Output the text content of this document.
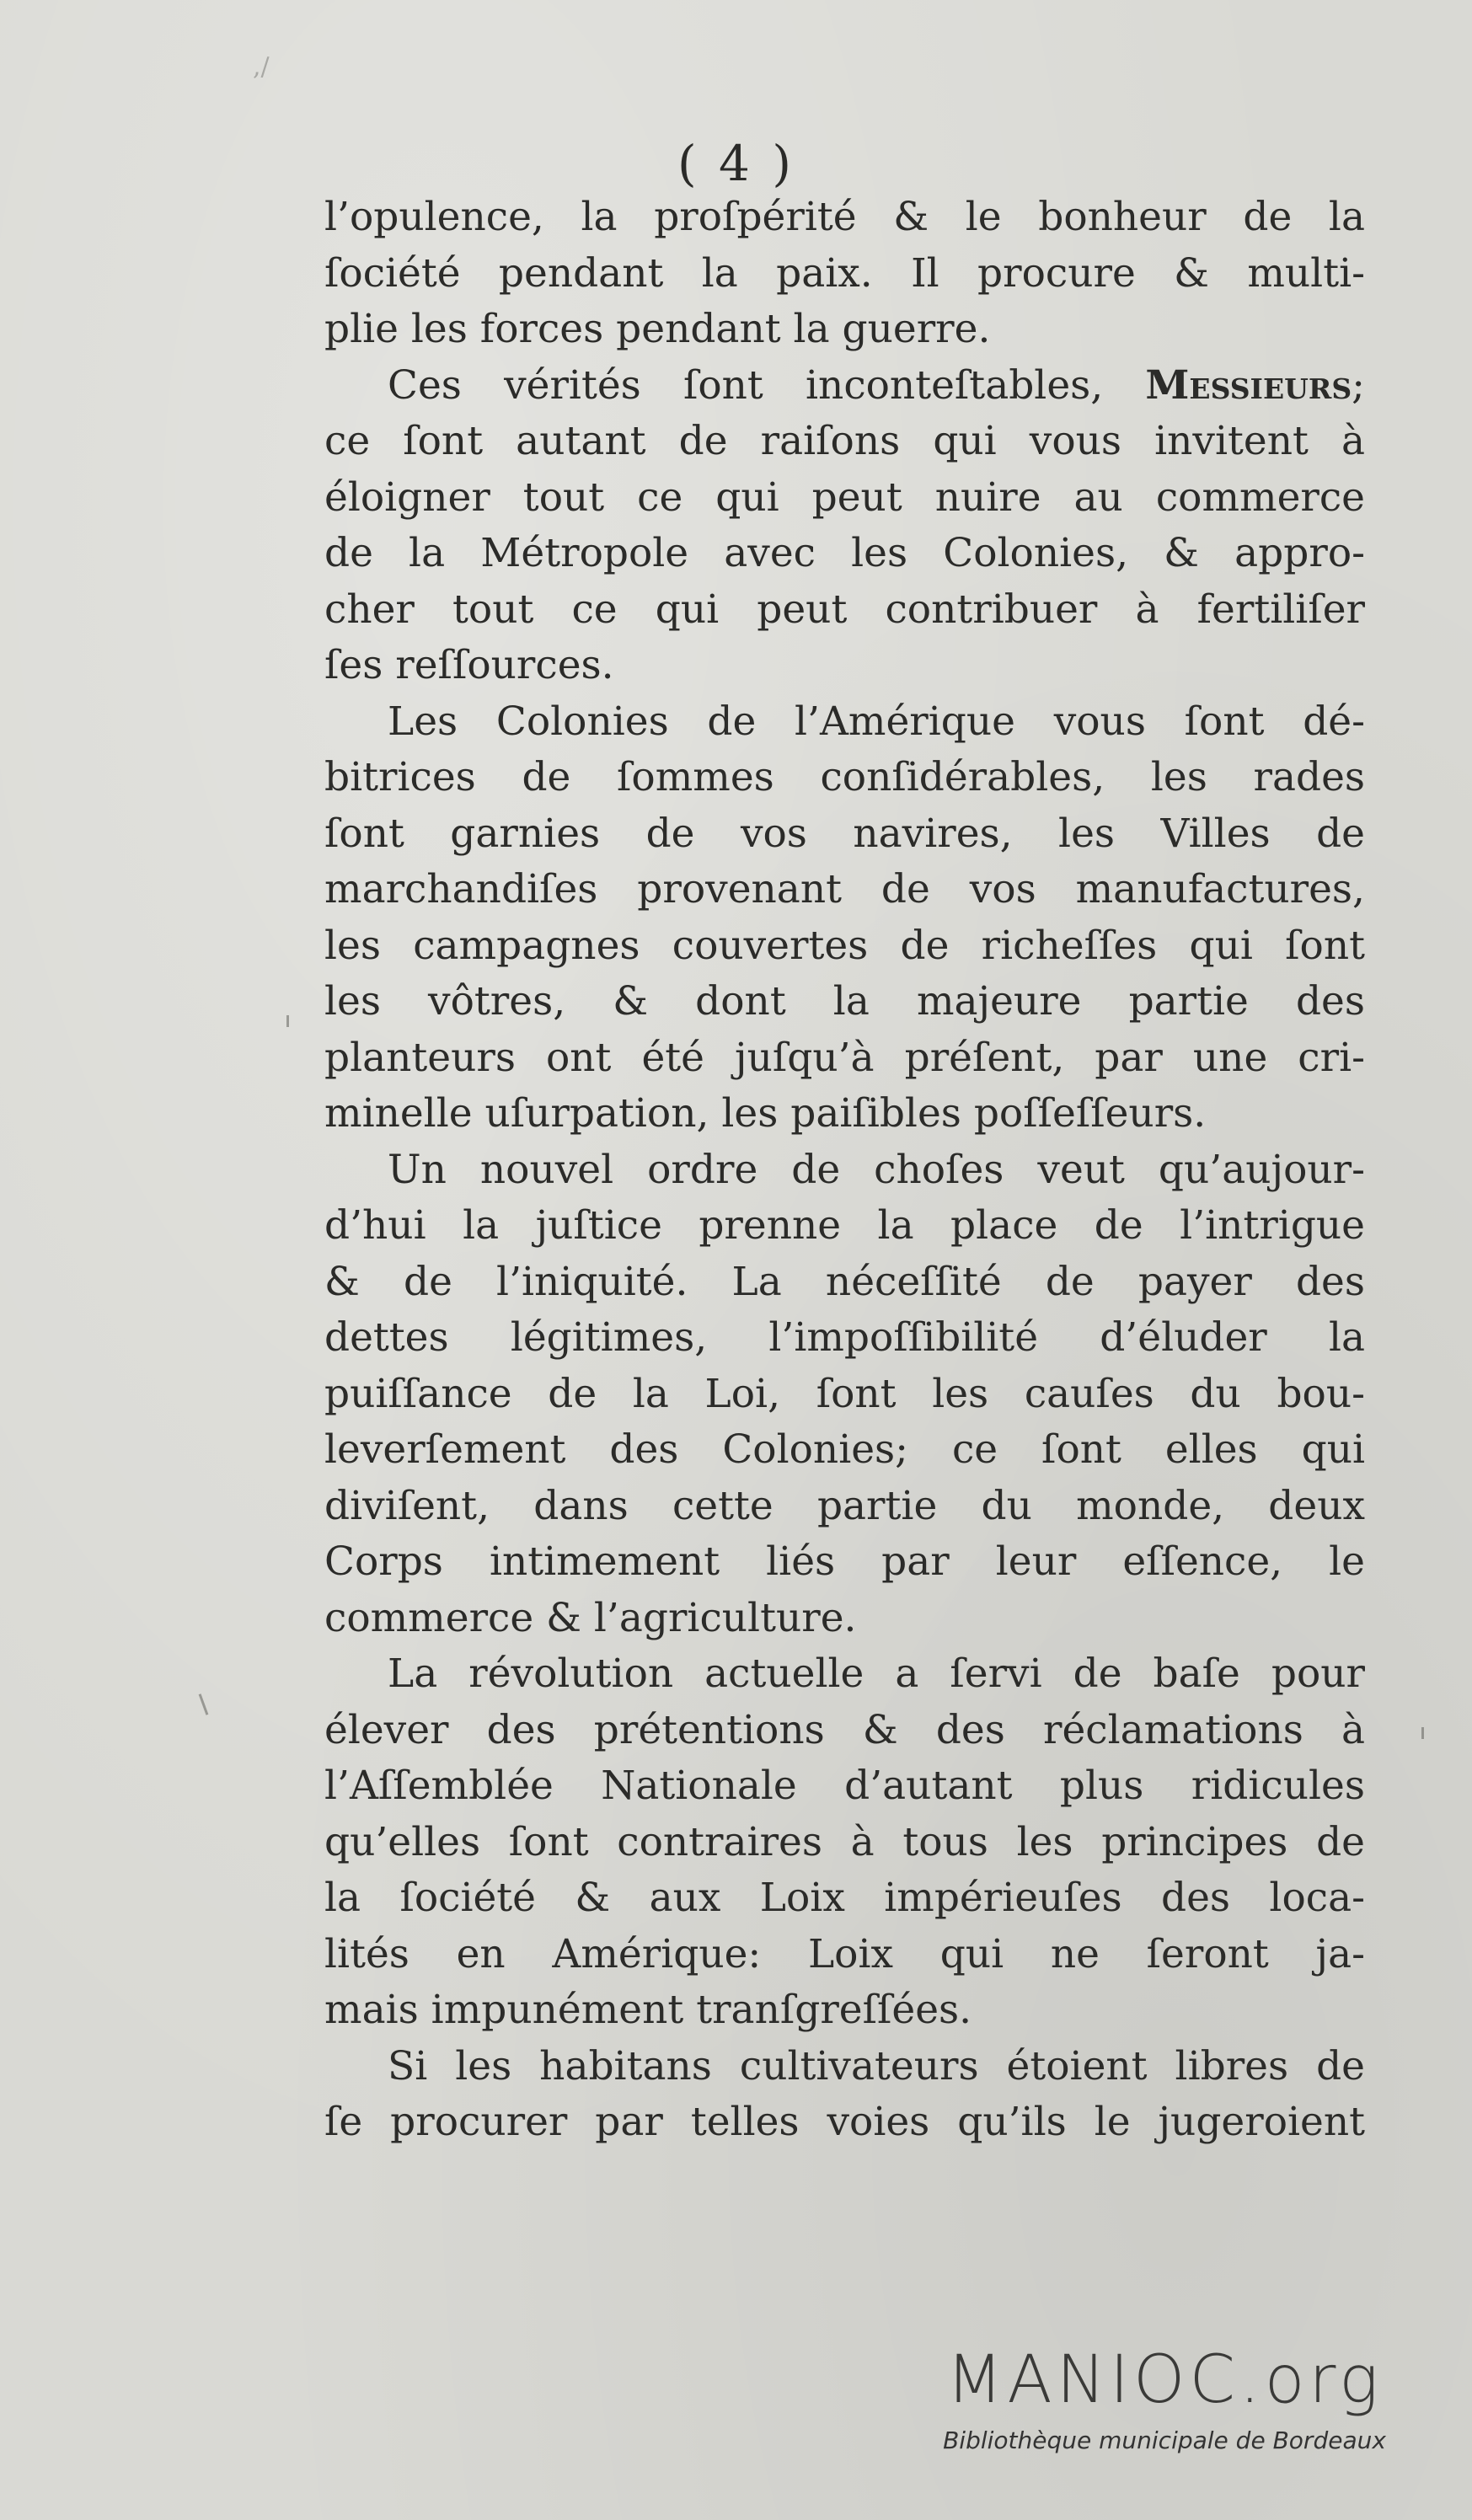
,/
( 4 )
l’opulence, la proſpérité & le bonheur de la
ſociété pendant la paix. Il procure & multi-
plie les forces pendant la guerre.
Ces vérités ſont inconteſtables, Messieurs;
ce ſont autant de raiſons qui vous invitent à
éloigner tout ce qui peut nuire au commerce
de la Métropole avec les Colonies, & appro-
cher tout ce qui peut contribuer à fertiliſer
ſes reſſources.
Les Colonies de l’Amérique vous ſont dé-
bitrices de ſommes conſidérables, les rades
ſont garnies de vos navires, les Villes de
marchandiſes provenant de vos manufactures,
les campagnes couvertes de richeſſes qui ſont
les vôtres, & dont la majeure partie des
planteurs ont été juſqu’à préſent, par une cri-
minelle uſurpation, les paiſibles poſſeſſeurs.
Un nouvel ordre de choſes veut qu’aujour-
d’hui la juſtice prenne la place de l’intrigue
& de l’iniquité. La néceſſité de payer des
dettes légitimes, l’impoſſibilité d’éluder la
puiſſance de la Loi, ſont les cauſes du bou-
leverſement des Colonies; ce ſont elles qui
diviſent, dans cette partie du monde, deux
Corps intimement liés par leur eſſence, le
commerce & l’agriculture.
La révolution actuelle a ſervi de baſe pour
élever des prétentions & des réclamations à
l’Aſſemblée Nationale d’autant plus ridicules
qu’elles ſont contraires à tous les principes de
la ſociété & aux Loix impérieuſes des loca-
lités en Amérique: Loix qui ne ſeront ja-
mais impunément tranſgreſſées.
Si les habitans cultivateurs étoient libres de
ſe procurer par telles voies qu’ils le jugeroient
MANIOC.org
Bibliothèque municipale de Bordeaux
